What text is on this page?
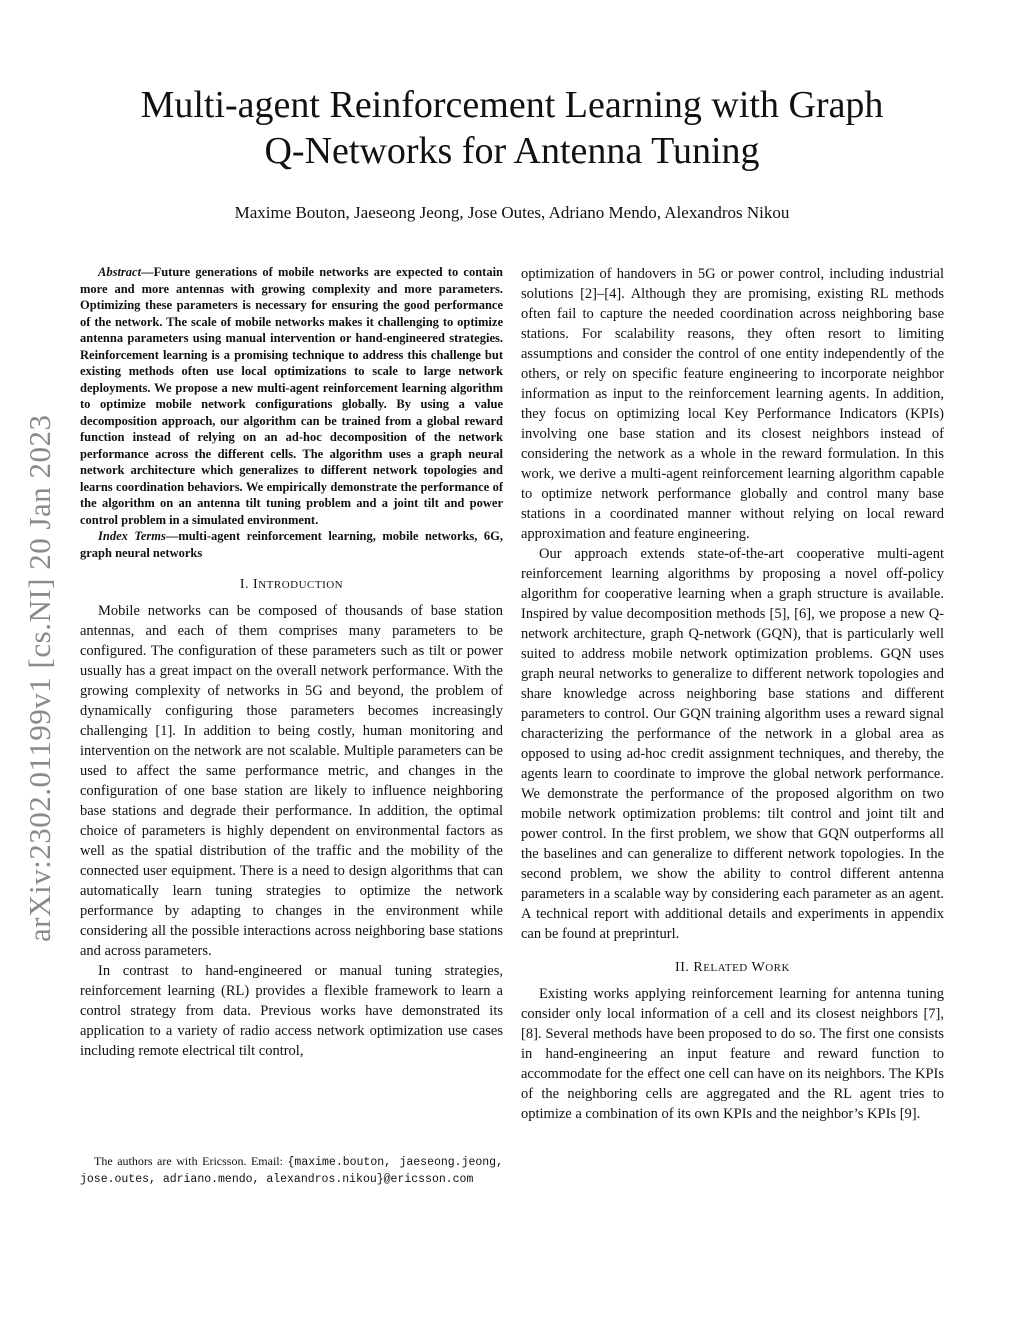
Multi-agent Reinforcement Learning with Graph
Q-Networks for Antenna Tuning
Maxime Bouton, Jaeseong Jeong, Jose Outes, Adriano Mendo, Alexandros Nikou
arXiv:2302.01199v1 [cs.NI] 20 Jan 2023

Abstract—Future generations of mobile networks are expected to contain more and more antennas with growing complexity and more parameters. Optimizing these parameters is necessary for ensuring the good performance of the network. The scale of mobile networks makes it challenging to optimize antenna parameters using manual intervention or hand-engineered strategies. Reinforcement learning is a promising technique to address this challenge but existing methods often use local optimizations to scale to large network deployments. We propose a new multi-agent reinforcement learning algorithm to optimize mobile network configurations globally. By using a value decomposition approach, our algorithm can be trained from a global reward function instead of relying on an ad-hoc decomposition of the network performance across the different cells. The algorithm uses a graph neural network architecture which generalizes to different network topologies and learns coordination behaviors. We empirically demonstrate the performance of the algorithm on an antenna tilt tuning problem and a joint tilt and power control problem in a simulated environment.

Index Terms—multi-agent reinforcement learning, mobile networks, 6G, graph neural networks

I. INTRODUCTION

Mobile networks can be composed of thousands of base station antennas, and each of them comprises many parameters to be configured. The configuration of these parameters such as tilt or power usually has a great impact on the overall network performance. With the growing complexity of networks in 5G and beyond, the problem of dynamically configuring those parameters becomes increasingly challenging [1]. In addition to being costly, human monitoring and intervention on the network are not scalable. Multiple parameters can be used to affect the same performance metric, and changes in the configuration of one base station are likely to influence neighboring base stations and degrade their performance. In addition, the optimal choice of parameters is highly dependent on environmental factors as well as the spatial distribution of the traffic and the mobility of the connected user equipment. There is a need to design algorithms that can automatically learn tuning strategies to optimize the network performance by adapting to changes in the environment while considering all the possible interactions across neighboring base stations and across parameters.

In contrast to hand-engineered or manual tuning strategies, reinforcement learning (RL) provides a flexible framework to learn a control strategy from data. Previous works have demonstrated its application to a variety of radio access network optimization use cases including remote electrical tilt control,

The authors are with Ericsson. Email: {maxime.bouton, jaeseong.jeong, jose.outes, adriano.mendo, alexandros.nikou}@ericsson.com

optimization of handovers in 5G or power control, including industrial solutions [2]–[4]. Although they are promising, existing RL methods often fail to capture the needed coordination across neighboring base stations. For scalability reasons, they often resort to limiting assumptions and consider the control of one entity independently of the others, or rely on specific feature engineering to incorporate neighbor information as input to the reinforcement learning agents. In addition, they focus on optimizing local Key Performance Indicators (KPIs) involving one base station and its closest neighbors instead of considering the network as a whole in the reward formulation. In this work, we derive a multi-agent reinforcement learning algorithm capable to optimize network performance globally and control many base stations in a coordinated manner without relying on local reward approximation and feature engineering.

Our approach extends state-of-the-art cooperative multi-agent reinforcement learning algorithms by proposing a novel off-policy algorithm for cooperative learning when a graph structure is available. Inspired by value decomposition methods [5], [6], we propose a new Q-network architecture, graph Q-network (GQN), that is particularly well suited to address mobile network optimization problems. GQN uses graph neural networks to generalize to different network topologies and share knowledge across neighboring base stations and different parameters to control. Our GQN training algorithm uses a reward signal characterizing the performance of the network in a global area as opposed to using ad-hoc credit assignment techniques, and thereby, the agents learn to coordinate to improve the global network performance. We demonstrate the performance of the proposed algorithm on two mobile network optimization problems: tilt control and joint tilt and power control. In the first problem, we show that GQN outperforms all the baselines and can generalize to different network topologies. In the second problem, we show the ability to control different antenna parameters in a scalable way by considering each parameter as an agent. A technical report with additional details and experiments in appendix can be found at preprinturl.

II. RELATED WORK

Existing works applying reinforcement learning for antenna tuning consider only local information of a cell and its closest neighbors [7], [8]. Several methods have been proposed to do so. The first one consists in hand-engineering an input feature and reward function to accommodate for the effect one cell can have on its neighbors. The KPIs of the neighboring cells are aggregated and the RL agent tries to optimize a combination of its own KPIs and the neighbor’s KPIs [9].
